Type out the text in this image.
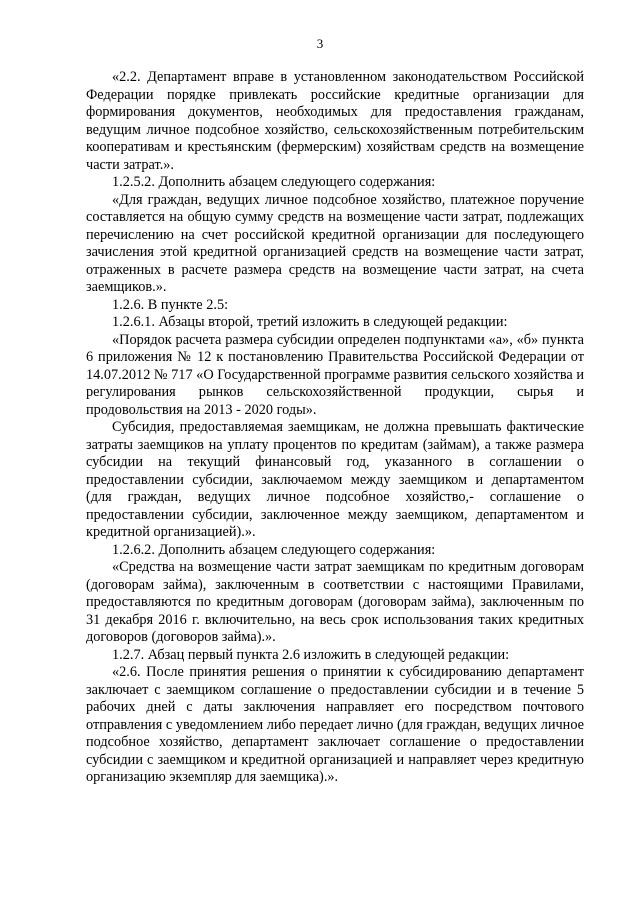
3

«2.2. Департамент вправе в установленном законодательством Российской Федерации порядке привлекать российские кредитные организации для формирования документов, необходимых для предоставления гражданам, ведущим личное подсобное хозяйство, сельскохозяйственным потребительским кооперативам и крестьянским (фермерским) хозяйствам средств на возмещение части затрат.».

1.2.5.2. Дополнить абзацем следующего содержания:

«Для граждан, ведущих личное подсобное хозяйство, платежное поручение составляется на общую сумму средств на возмещение части затрат, подлежащих перечислению на счет российской кредитной организации для последующего зачисления этой кредитной организацией средств на возмещение части затрат, отраженных в расчете размера средств на возмещение части затрат, на счета заемщиков.».

1.2.6. В пункте 2.5:

1.2.6.1. Абзацы второй, третий изложить в следующей редакции:

«Порядок расчета размера субсидии определен подпунктами «а», «б» пункта 6 приложения № 12 к постановлению Правительства Российской Федерации от 14.07.2012 № 717 «О Государственной программе развития сельского хозяйства и регулирования рынков сельскохозяйственной продукции, сырья и продовольствия на 2013 - 2020 годы».

Субсидия, предоставляемая заемщикам, не должна превышать фактические затраты заемщиков на уплату процентов по кредитам (займам), а также размера субсидии на текущий финансовый год, указанного в соглашении о предоставлении субсидии, заключаемом между заемщиком и департаментом (для граждан, ведущих личное подсобное хозяйство,- соглашение о предоставлении субсидии, заключенное между заемщиком, департаментом и кредитной организацией).».

1.2.6.2. Дополнить абзацем следующего содержания:

«Средства на возмещение части затрат заемщикам по кредитным договорам (договорам займа), заключенным в соответствии с настоящими Правилами, предоставляются по кредитным договорам (договорам займа), заключенным по 31 декабря 2016 г. включительно, на весь срок использования таких кредитных договоров (договоров займа).».

1.2.7. Абзац первый пункта 2.6 изложить в следующей редакции:

«2.6. После принятия решения о принятии к субсидированию департамент заключает с заемщиком соглашение о предоставлении субсидии и в течение 5 рабочих дней с даты заключения направляет его посредством почтового отправления с уведомлением либо передает лично (для граждан, ведущих личное подсобное хозяйство, департамент заключает соглашение о предоставлении субсидии с заемщиком и кредитной организацией и направляет через кредитную организацию экземпляр для заемщика).».
